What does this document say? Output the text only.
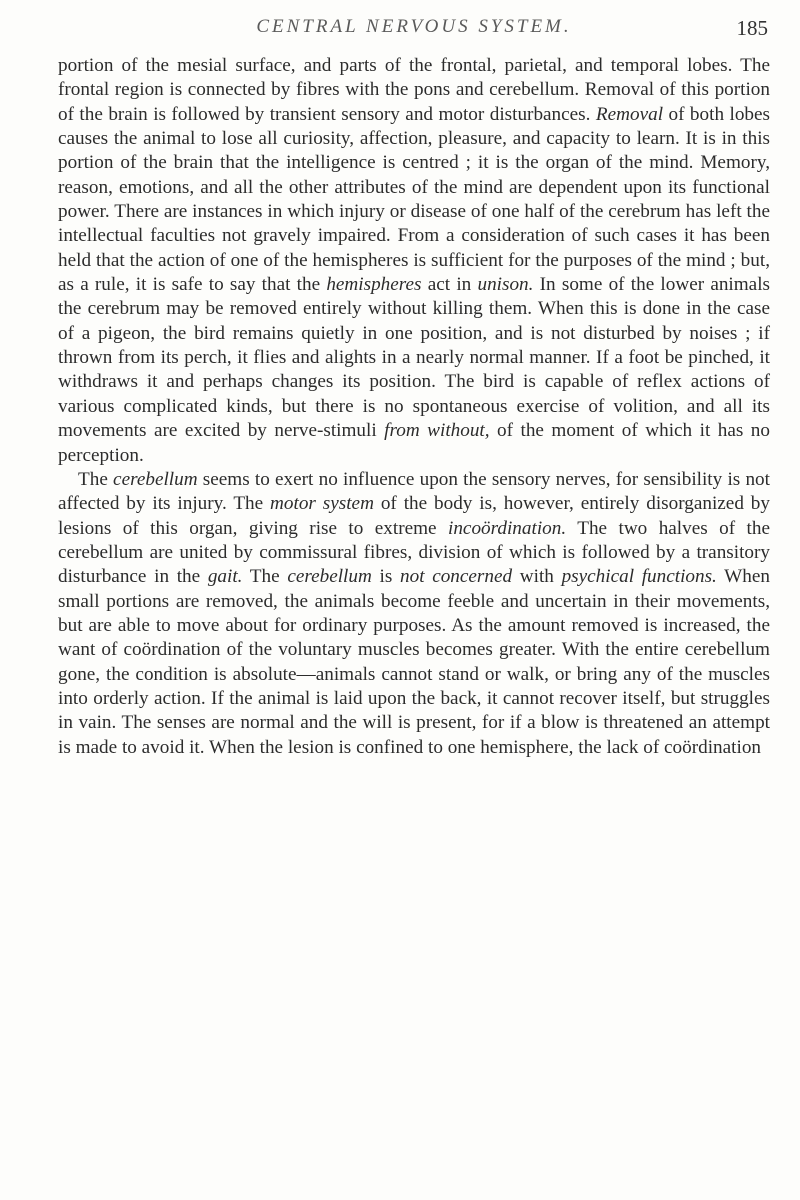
CENTRAL NERVOUS SYSTEM.	185

portion of the mesial surface, and parts of the frontal, parietal, and temporal lobes. The frontal region is connected by fibres with the pons and cerebellum. Removal of this portion of the brain is followed by transient sensory and motor disturbances. Removal of both lobes causes the animal to lose all curiosity, affection, pleasure, and capacity to learn. It is in this portion of the brain that the intelligence is centred ; it is the organ of the mind. Memory, reason, emotions, and all the other attributes of the mind are dependent upon its functional power. There are instances in which injury or disease of one half of the cerebrum has left the intellectual faculties not gravely impaired. From a consideration of such cases it has been held that the action of one of the hemispheres is sufficient for the purposes of the mind ; but, as a rule, it is safe to say that the hemispheres act in unison. In some of the lower animals the cerebrum may be removed entirely without killing them. When this is done in the case of a pigeon, the bird remains quietly in one position, and is not disturbed by noises ; if thrown from its perch, it flies and alights in a nearly normal manner. If a foot be pinched, it withdraws it and perhaps changes its position. The bird is capable of reflex actions of various complicated kinds, but there is no spontaneous exercise of volition, and all its movements are excited by nerve-stimuli from without, of the moment of which it has no perception.

The cerebellum seems to exert no influence upon the sensory nerves, for sensibility is not affected by its injury. The motor system of the body is, however, entirely disorganized by lesions of this organ, giving rise to extreme incoördination. The two halves of the cerebellum are united by commissural fibres, division of which is followed by a transitory disturbance in the gait. The cerebellum is not concerned with psychical functions. When small portions are removed, the animals become feeble and uncertain in their movements, but are able to move about for ordinary purposes. As the amount removed is increased, the want of coördination of the voluntary muscles becomes greater. With the entire cerebellum gone, the condition is absolute—animals cannot stand or walk, or bring any of the muscles into orderly action. If the animal is laid upon the back, it cannot recover itself, but struggles in vain. The senses are normal and the will is present, for if a blow is threatened an attempt is made to avoid it. When the lesion is confined to one hemisphere, the lack of coördination
